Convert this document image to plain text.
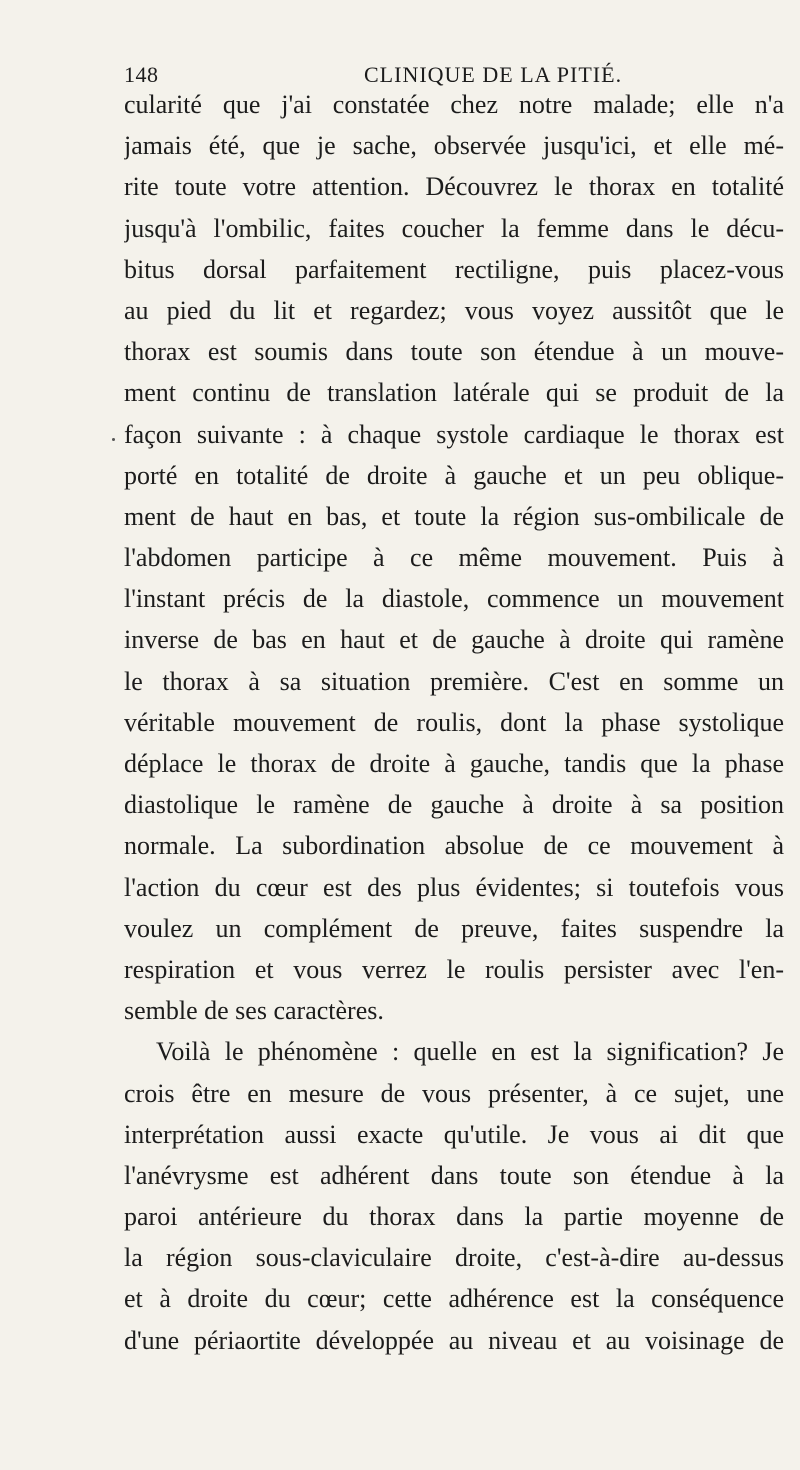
148	CLINIQUE DE LA PITIÉ.
cularité que j'ai constatée chez notre malade; elle n'a
jamais été, que je sache, observée jusqu'ici, et elle mé-
rite toute votre attention. Découvrez le thorax en totalité
jusqu'à l'ombilic, faites coucher la femme dans le décu-
bitus dorsal parfaitement rectiligne, puis placez-vous
au pied du lit et regardez; vous voyez aussitôt que le
thorax est soumis dans toute son étendue à un mouve-
ment continu de translation latérale qui se produit de la
façon suivante : à chaque systole cardiaque le thorax est
porté en totalité de droite à gauche et un peu oblique-
ment de haut en bas, et toute la région sus-ombilicale de
l'abdomen participe à ce même mouvement. Puis à
l'instant précis de la diastole, commence un mouvement
inverse de bas en haut et de gauche à droite qui ramène
le thorax à sa situation première. C'est en somme un
véritable mouvement de roulis, dont la phase systolique
déplace le thorax de droite à gauche, tandis que la phase
diastolique le ramène de gauche à droite à sa position
normale. La subordination absolue de ce mouvement à
l'action du cœur est des plus évidentes; si toutefois vous
voulez un complément de preuve, faites suspendre la
respiration et vous verrez le roulis persister avec l'en-
semble de ses caractères.
Voilà le phénomène : quelle en est la signification? Je
crois être en mesure de vous présenter, à ce sujet, une
interprétation aussi exacte qu'utile. Je vous ai dit que
l'anévrysme est adhérent dans toute son étendue à la
paroi antérieure du thorax dans la partie moyenne de
la région sous-claviculaire droite, c'est-à-dire au-dessus
et à droite du cœur; cette adhérence est la conséquence
d'une périaortite développée au niveau et au voisinage de
